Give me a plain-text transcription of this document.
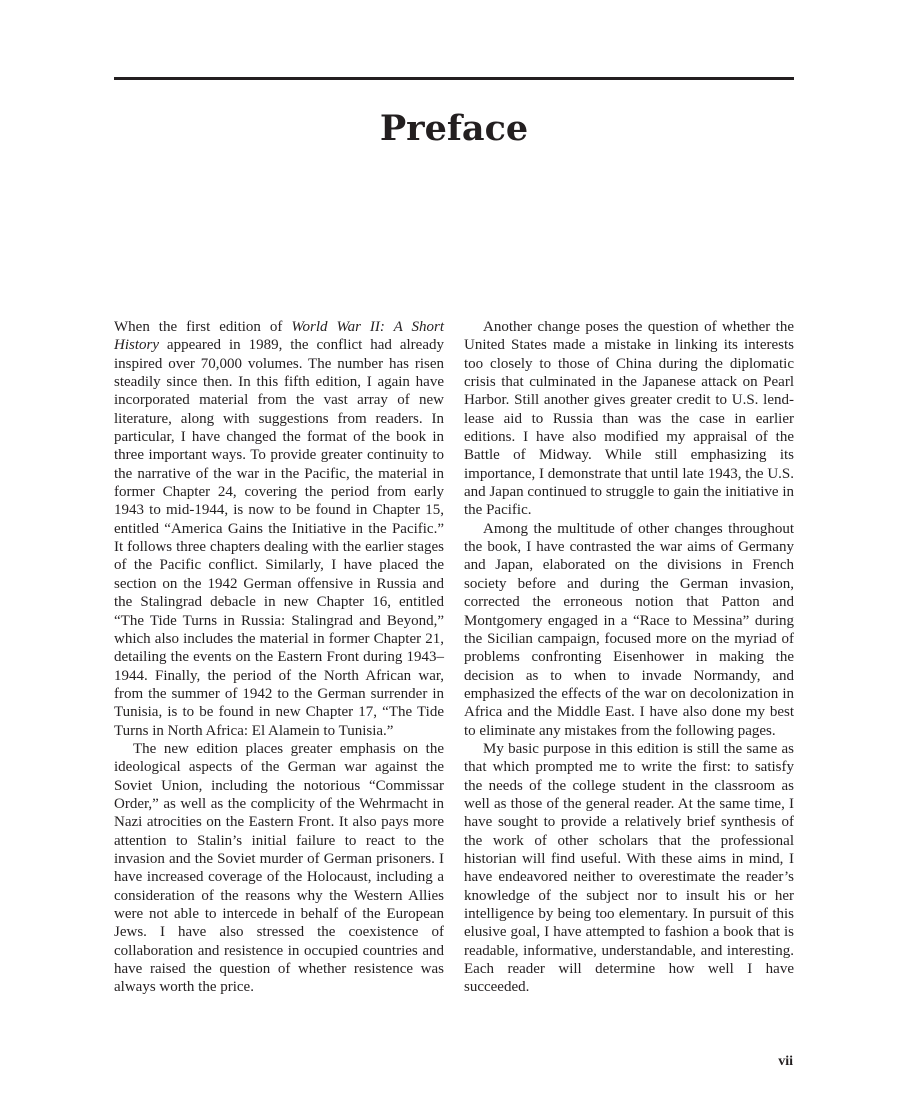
Preface

When the first edition of World War II: A Short History appeared in 1989, the conflict had already inspired over 70,000 volumes. The number has risen steadily since then. In this fifth edition, I again have incorporated material from the vast array of new literature, along with suggestions from readers. In particular, I have changed the format of the book in three important ways. To provide greater continuity to the narrative of the war in the Pacific, the material in former Chapter 24, covering the period from early 1943 to mid-1944, is now to be found in Chapter 15, entitled “America Gains the Initiative in the Pacific.” It follows three chapters dealing with the earlier stages of the Pacific conflict. Similarly, I have placed the section on the 1942 German offensive in Russia and the Stalingrad debacle in new Chapter 16, entitled “The Tide Turns in Russia: Stalingrad and Beyond,” which also includes the material in former Chapter 21, detailing the events on the Eastern Front during 1943–1944. Finally, the period of the North African war, from the summer of 1942 to the German surrender in Tunisia, is to be found in new Chapter 17, “The Tide Turns in North Africa: El Alamein to Tunisia.”

The new edition places greater emphasis on the ideological aspects of the German war against the Soviet Union, including the notorious “Commissar Order,” as well as the complicity of the Wehrmacht in Nazi atrocities on the Eastern Front. It also pays more attention to Stalin’s initial failure to react to the invasion and the Soviet murder of German prisoners. I have increased coverage of the Holocaust, including a consideration of the reasons why the Western Allies were not able to intercede in behalf of the European Jews. I have also stressed the coexistence of collaboration and resistence in occupied countries and have raised the question of whether resistence was always worth the price.

Another change poses the question of whether the United States made a mistake in linking its interests too closely to those of China during the diplomatic crisis that culminated in the Japanese attack on Pearl Harbor. Still another gives greater credit to U.S. lend-lease aid to Russia than was the case in earlier editions. I have also modified my appraisal of the Battle of Midway. While still emphasizing its importance, I demonstrate that until late 1943, the U.S. and Japan continued to struggle to gain the initiative in the Pacific.

Among the multitude of other changes throughout the book, I have contrasted the war aims of Germany and Japan, elaborated on the divisions in French society before and during the German invasion, corrected the erroneous notion that Patton and Montgomery engaged in a “Race to Messina” during the Sicilian campaign, focused more on the myriad of problems confronting Eisenhower in making the decision as to when to invade Normandy, and emphasized the effects of the war on decolonization in Africa and the Middle East. I have also done my best to eliminate any mistakes from the following pages.

My basic purpose in this edition is still the same as that which prompted me to write the first: to satisfy the needs of the college student in the classroom as well as those of the general reader. At the same time, I have sought to provide a relatively brief synthesis of the work of other scholars that the professional historian will find useful. With these aims in mind, I have endeavored neither to overestimate the reader’s knowledge of the subject nor to insult his or her intelligence by being too elementary. In pursuit of this elusive goal, I have attempted to fashion a book that is readable, informative, understandable, and interesting. Each reader will determine how well I have succeeded.

vii
